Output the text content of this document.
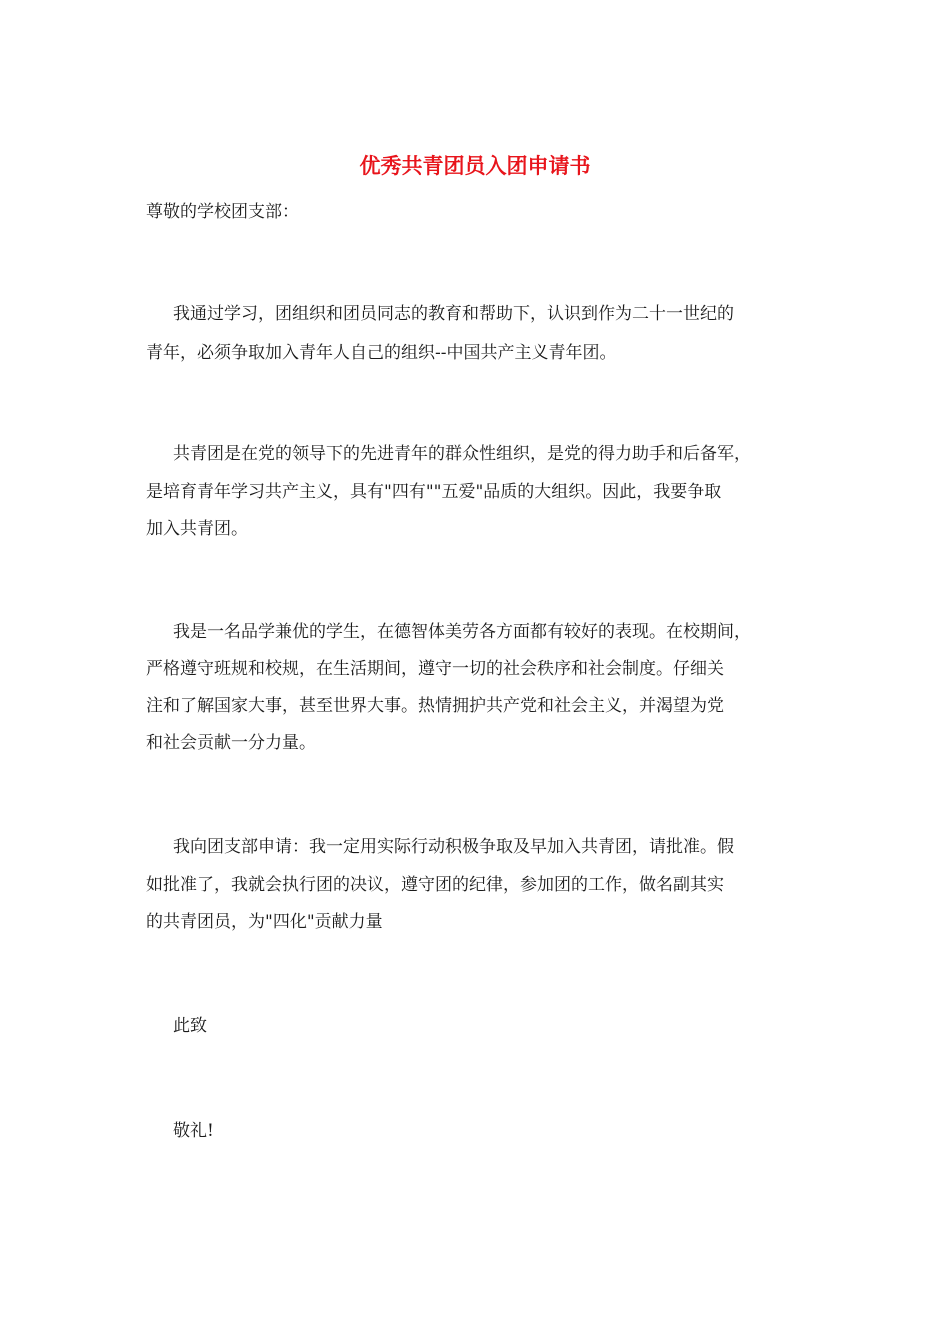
优秀共青团员入团申请书

尊敬的学校团支部：

我通过学习，团组织和团员同志的教育和帮助下，认识到作为二十一世纪的

青年，必须争取加入青年人自己的组织--中国共产主义青年团。

共青团是在党的领导下的先进青年的群众性组织，是党的得力助手和后备军，

是培育青年学习共产主义，具有"四有""五爱"品质的大组织。因此，我要争取

加入共青团。

我是一名品学兼优的学生，在德智体美劳各方面都有较好的表现。在校期间，

严格遵守班规和校规，在生活期间，遵守一切的社会秩序和社会制度。仔细关

注和了解国家大事，甚至世界大事。热情拥护共产党和社会主义，并渴望为党

和社会贡献一分力量。

我向团支部申请：我一定用实际行动积极争取及早加入共青团，请批准。假

如批准了，我就会执行团的决议，遵守团的纪律，参加团的工作，做名副其实

的共青团员，为"四化"贡献力量

此致

敬礼!
